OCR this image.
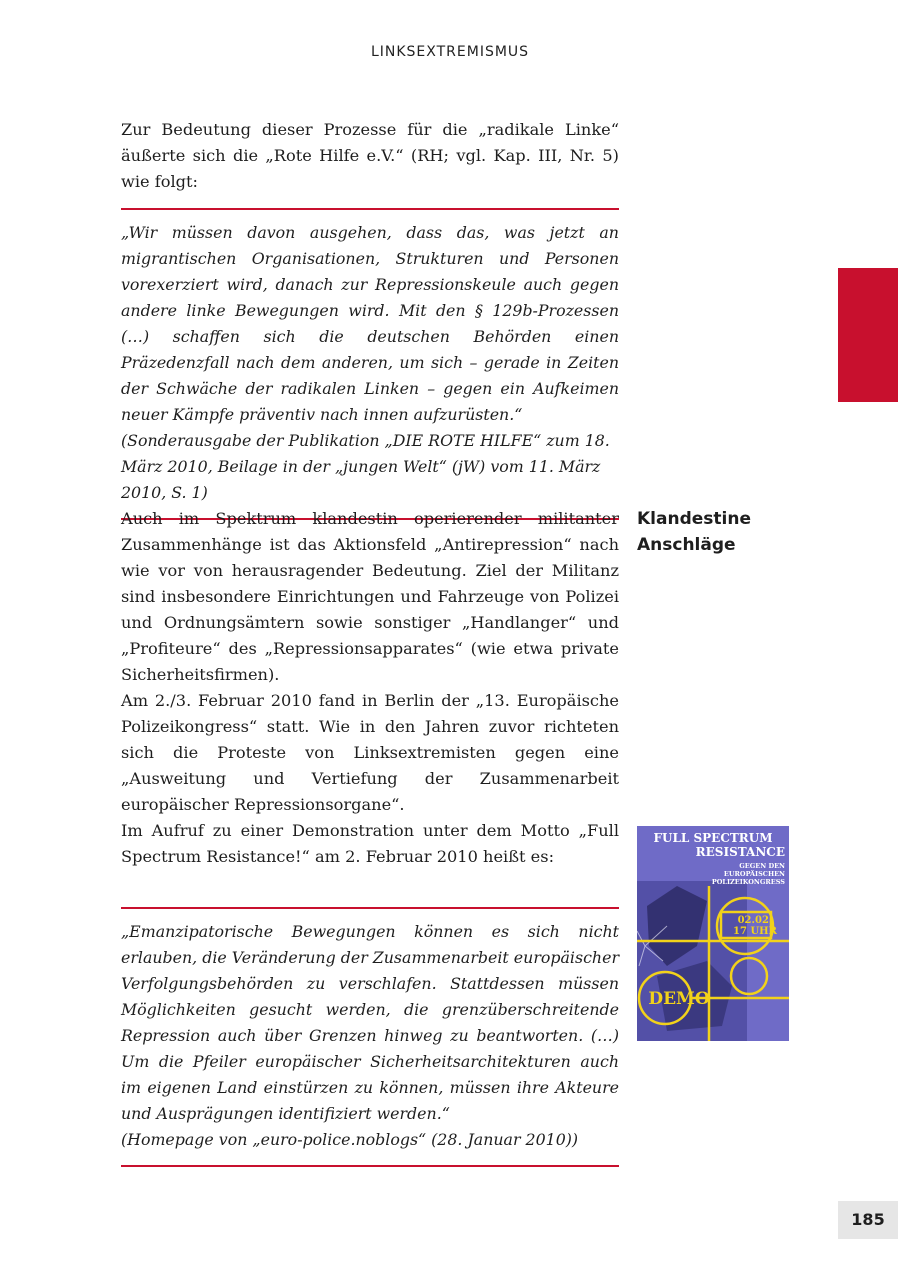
LINKSEXTREMISMUS

Zur Bedeutung dieser Prozesse für die „radikale Linke“ äußerte sich die „Rote Hilfe e.V.“ (RH; vgl. Kap. III, Nr. 5) wie folgt:

„Wir müssen davon ausgehen, dass das, was jetzt an migrantischen Organisationen, Strukturen und Personen vorexerziert wird, danach zur Repressionskeule auch gegen andere linke Bewegungen wird. Mit den § 129b-Prozessen (…) schaffen sich die deutschen Behörden einen Präzedenzfall nach dem anderen, um sich – gerade in Zeiten der Schwäche der radikalen Linken – gegen ein Aufkeimen neuer Kämpfe präventiv nach innen aufzurüsten.“

(Sonderausgabe der Publikation „DIE ROTE HILFE“ zum 18. März 2010, Beilage in der „jungen Welt“ (jW) vom 11. März 2010, S. 1)

Klandestine
Anschläge

Auch im Spektrum klandestin operierender militanter Zusammenhänge ist das Aktionsfeld „Antirepression“ nach wie vor von herausragender Bedeutung. Ziel der Militanz sind insbesondere Einrichtungen und Fahrzeuge von Polizei und Ordnungsämtern sowie sonstiger „Handlanger“ und „Profiteure“ des „Repressionsapparates“ (wie etwa private Sicherheitsfirmen).

Am 2./3. Februar 2010 fand in Berlin der „13. Europäische Polizeikongress“ statt. Wie in den Jahren zuvor richteten sich die Proteste von Linksextremisten gegen eine „Ausweitung und Vertiefung der Zusammenarbeit europäischer Repressionsorgane“.

Im Aufruf zu einer Demonstration unter dem Motto „Full Spectrum Resistance!“ am 2. Februar 2010 heißt es:

„Emanzipatorische Bewegungen können es sich nicht erlauben, die Veränderung der Zusammenarbeit europäischer Verfolgungsbehörden zu verschlafen. Stattdessen müssen Möglichkeiten gesucht werden, die grenzüberschreitende Repression auch über Grenzen hinweg zu beantworten. (…) Um die Pfeiler europäischer Sicherheitsarchitekturen auch im eigenen Land einstürzen zu können, müssen ihre Akteure und Ausprägungen identifiziert werden.“

(Homepage von „euro-police.noblogs“ (28. Januar 2010))

FULL SPECTRUM
RESISTANCE
GEGEN DEN
EUROPÄISCHEN
POLIZEIKONGRESS
02.02.
17 UHR
DEMO
185
